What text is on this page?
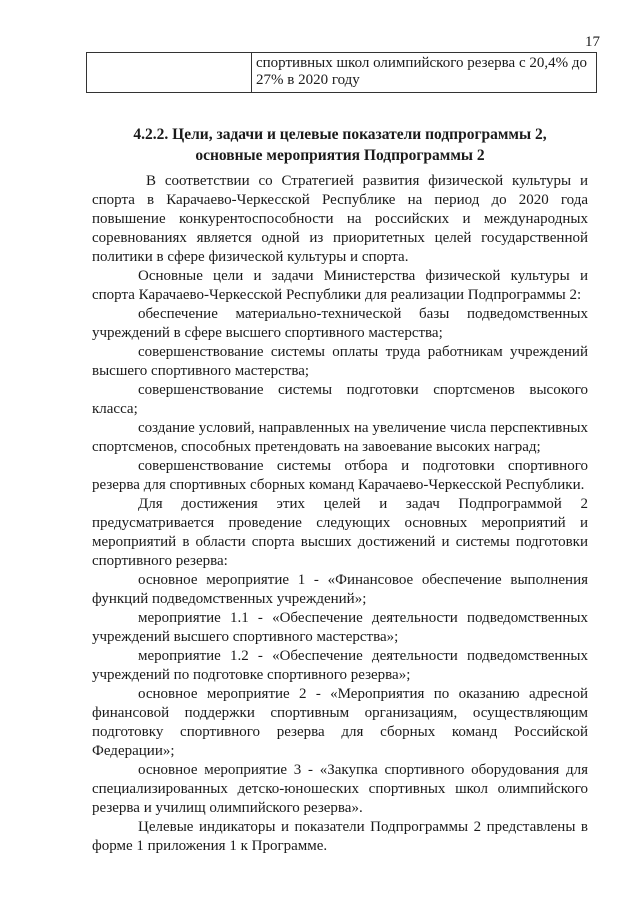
17
	спортивных школ олимпийского резерва с 20,4% до 27% в 2020 году
4.2.2. Цели, задачи и целевые показатели подпрограммы 2,
основные мероприятия Подпрограммы 2

В соответствии со Стратегией развития физической культуры и спорта в Карачаево-Черкесской Республике на период до 2020 года повышение конкурентоспособности на российских и международных соревнованиях является одной из приоритетных целей государственной политики в сфере физической культуры и спорта.

Основные цели и задачи Министерства физической культуры и спорта Карачаево-Черкесской Республики для реализации Подпрограммы 2:

обеспечение материально-технической базы подведомственных учреждений в сфере высшего спортивного мастерства;

совершенствование системы оплаты труда работникам учреждений высшего спортивного мастерства;

совершенствование системы подготовки спортсменов высокого класса;

создание условий, направленных на увеличение числа перспективных спортсменов, способных претендовать на завоевание высоких наград;

совершенствование системы отбора и подготовки спортивного резерва для спортивных сборных команд Карачаево-Черкесской Республики.

Для достижения этих целей и задач Подпрограммой 2 предусматривается проведение следующих основных мероприятий и мероприятий в области спорта высших достижений и системы подготовки спортивного резерва:

основное мероприятие 1 - «Финансовое обеспечение выполнения функций подведомственных учреждений»;

мероприятие 1.1 - «Обеспечение деятельности подведомственных учреждений высшего спортивного мастерства»;

мероприятие 1.2 - «Обеспечение деятельности подведомственных учреждений по подготовке спортивного резерва»;

основное мероприятие 2 - «Мероприятия по оказанию адресной финансовой поддержки спортивным организациям, осуществляющим подготовку спортивного резерва для сборных команд Российской Федерации»;

основное мероприятие 3 - «Закупка спортивного оборудования для специализированных детско-юношеских спортивных школ олимпийского резерва и училищ олимпийского резерва».

Целевые индикаторы и показатели Подпрограммы 2 представлены в форме 1 приложения 1 к Программе.
